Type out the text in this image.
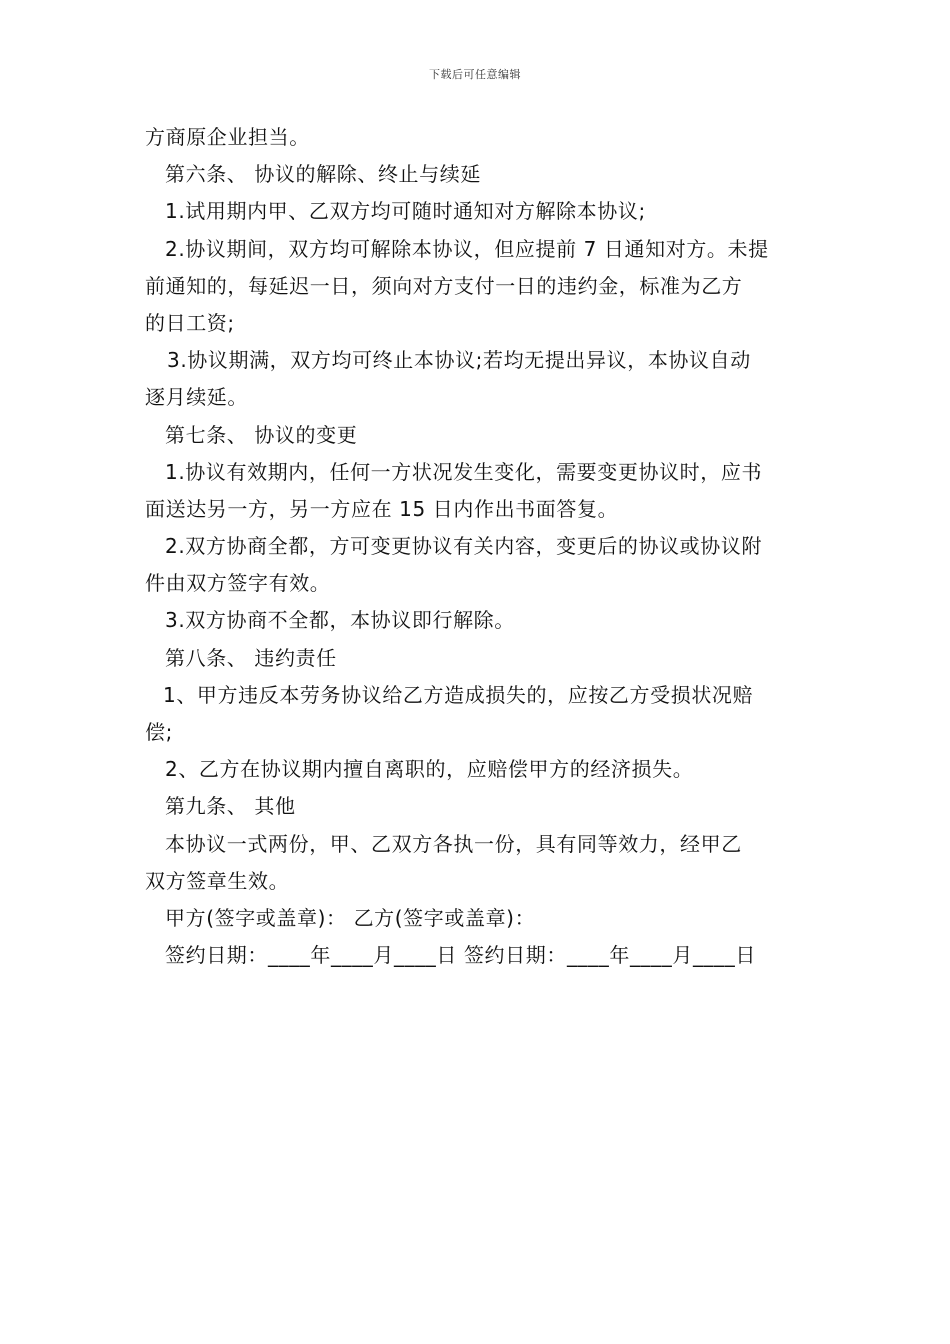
下载后可任意编辑
方商原企业担当。
第六条、 协议的解除、终止与续延
1.试用期内甲、乙双方均可随时通知对方解除本协议;
2.协议期间，双方均可解除本协议，但应提前 7 日通知对方。未提
前通知的，每延迟一日，须向对方支付一日的违约金，标准为乙方
的日工资;
3.协议期满，双方均可终止本协议;若均无提出异议，本协议自动
逐月续延。
第七条、 协议的变更
1.协议有效期内，任何一方状况发生变化，需要变更协议时，应书
面送达另一方，另一方应在 15 日内作出书面答复。
2.双方协商全都，方可变更协议有关内容，变更后的协议或协议附
件由双方签字有效。
3.双方协商不全都，本协议即行解除。
第八条、 违约责任
1、甲方违反本劳务协议给乙方造成损失的，应按乙方受损状况赔
偿;
2、乙方在协议期内擅自离职的，应赔偿甲方的经济损失。
第九条、 其他
本协议一式两份，甲、乙双方各执一份，具有同等效力，经甲乙
双方签章生效。
甲方(签字或盖章)： 乙方(签字或盖章)：
签约日期：____年____月____日 签约日期：____年____月____日
